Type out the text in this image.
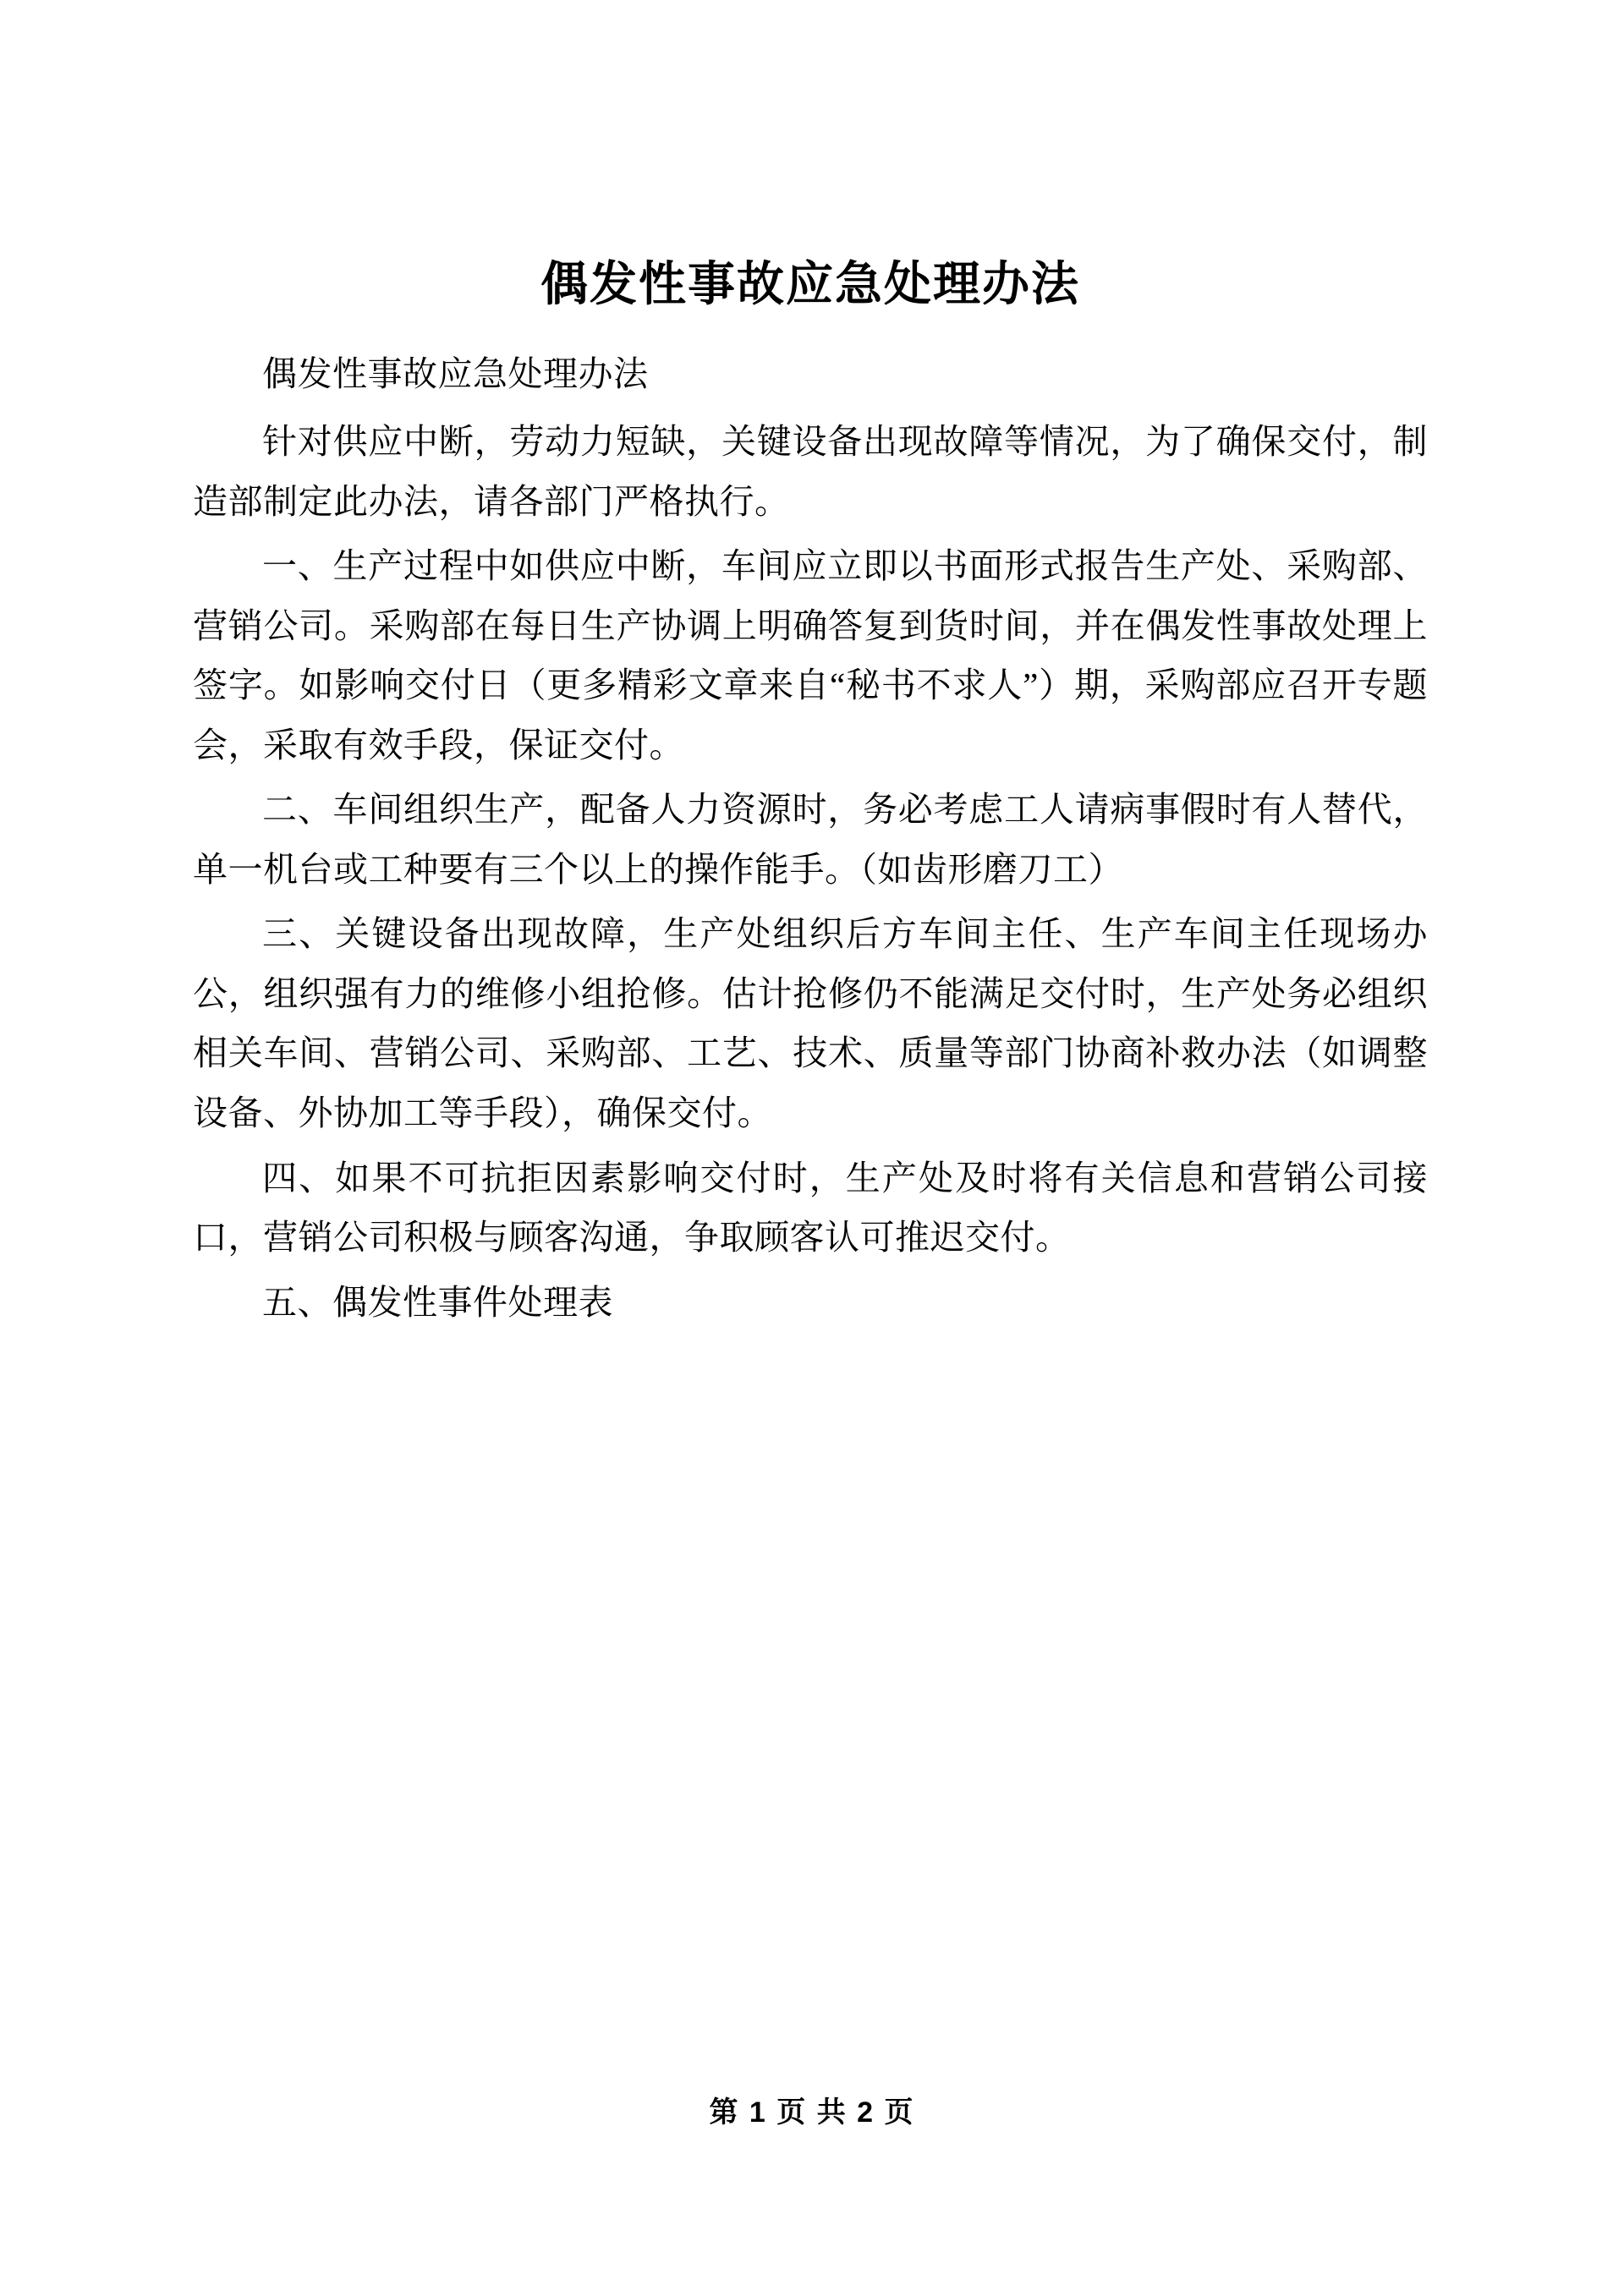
偶发性事故应急处理办法

偶发性事故应急处理办法

针对供应中断，劳动力短缺，关键设备出现故障等情况，为了确保交付，制造部制定此办法，请各部门严格执行。

一、生产过程中如供应中断，车间应立即以书面形式报告生产处、采购部、营销公司。采购部在每日生产协调上明确答复到货时间，并在偶发性事故处理上签字。如影响交付日（更多精彩文章来自“秘书不求人”）期，采购部应召开专题会，采取有效手段，保证交付。

二、车间组织生产，配备人力资源时，务必考虑工人请病事假时有人替代，单一机台或工种要有三个以上的操作能手。（如齿形磨刀工）

三、关键设备出现故障，生产处组织后方车间主任、生产车间主任现场办公，组织强有力的维修小组抢修。估计抢修仍不能满足交付时，生产处务必组织相关车间、营销公司、采购部、工艺、技术、质量等部门协商补救办法（如调整设备、外协加工等手段），确保交付。

四、如果不可抗拒因素影响交付时，生产处及时将有关信息和营销公司接口，营销公司积极与顾客沟通，争取顾客认可推迟交付。

五、偶发性事件处理表

第 1 页 共 2 页
